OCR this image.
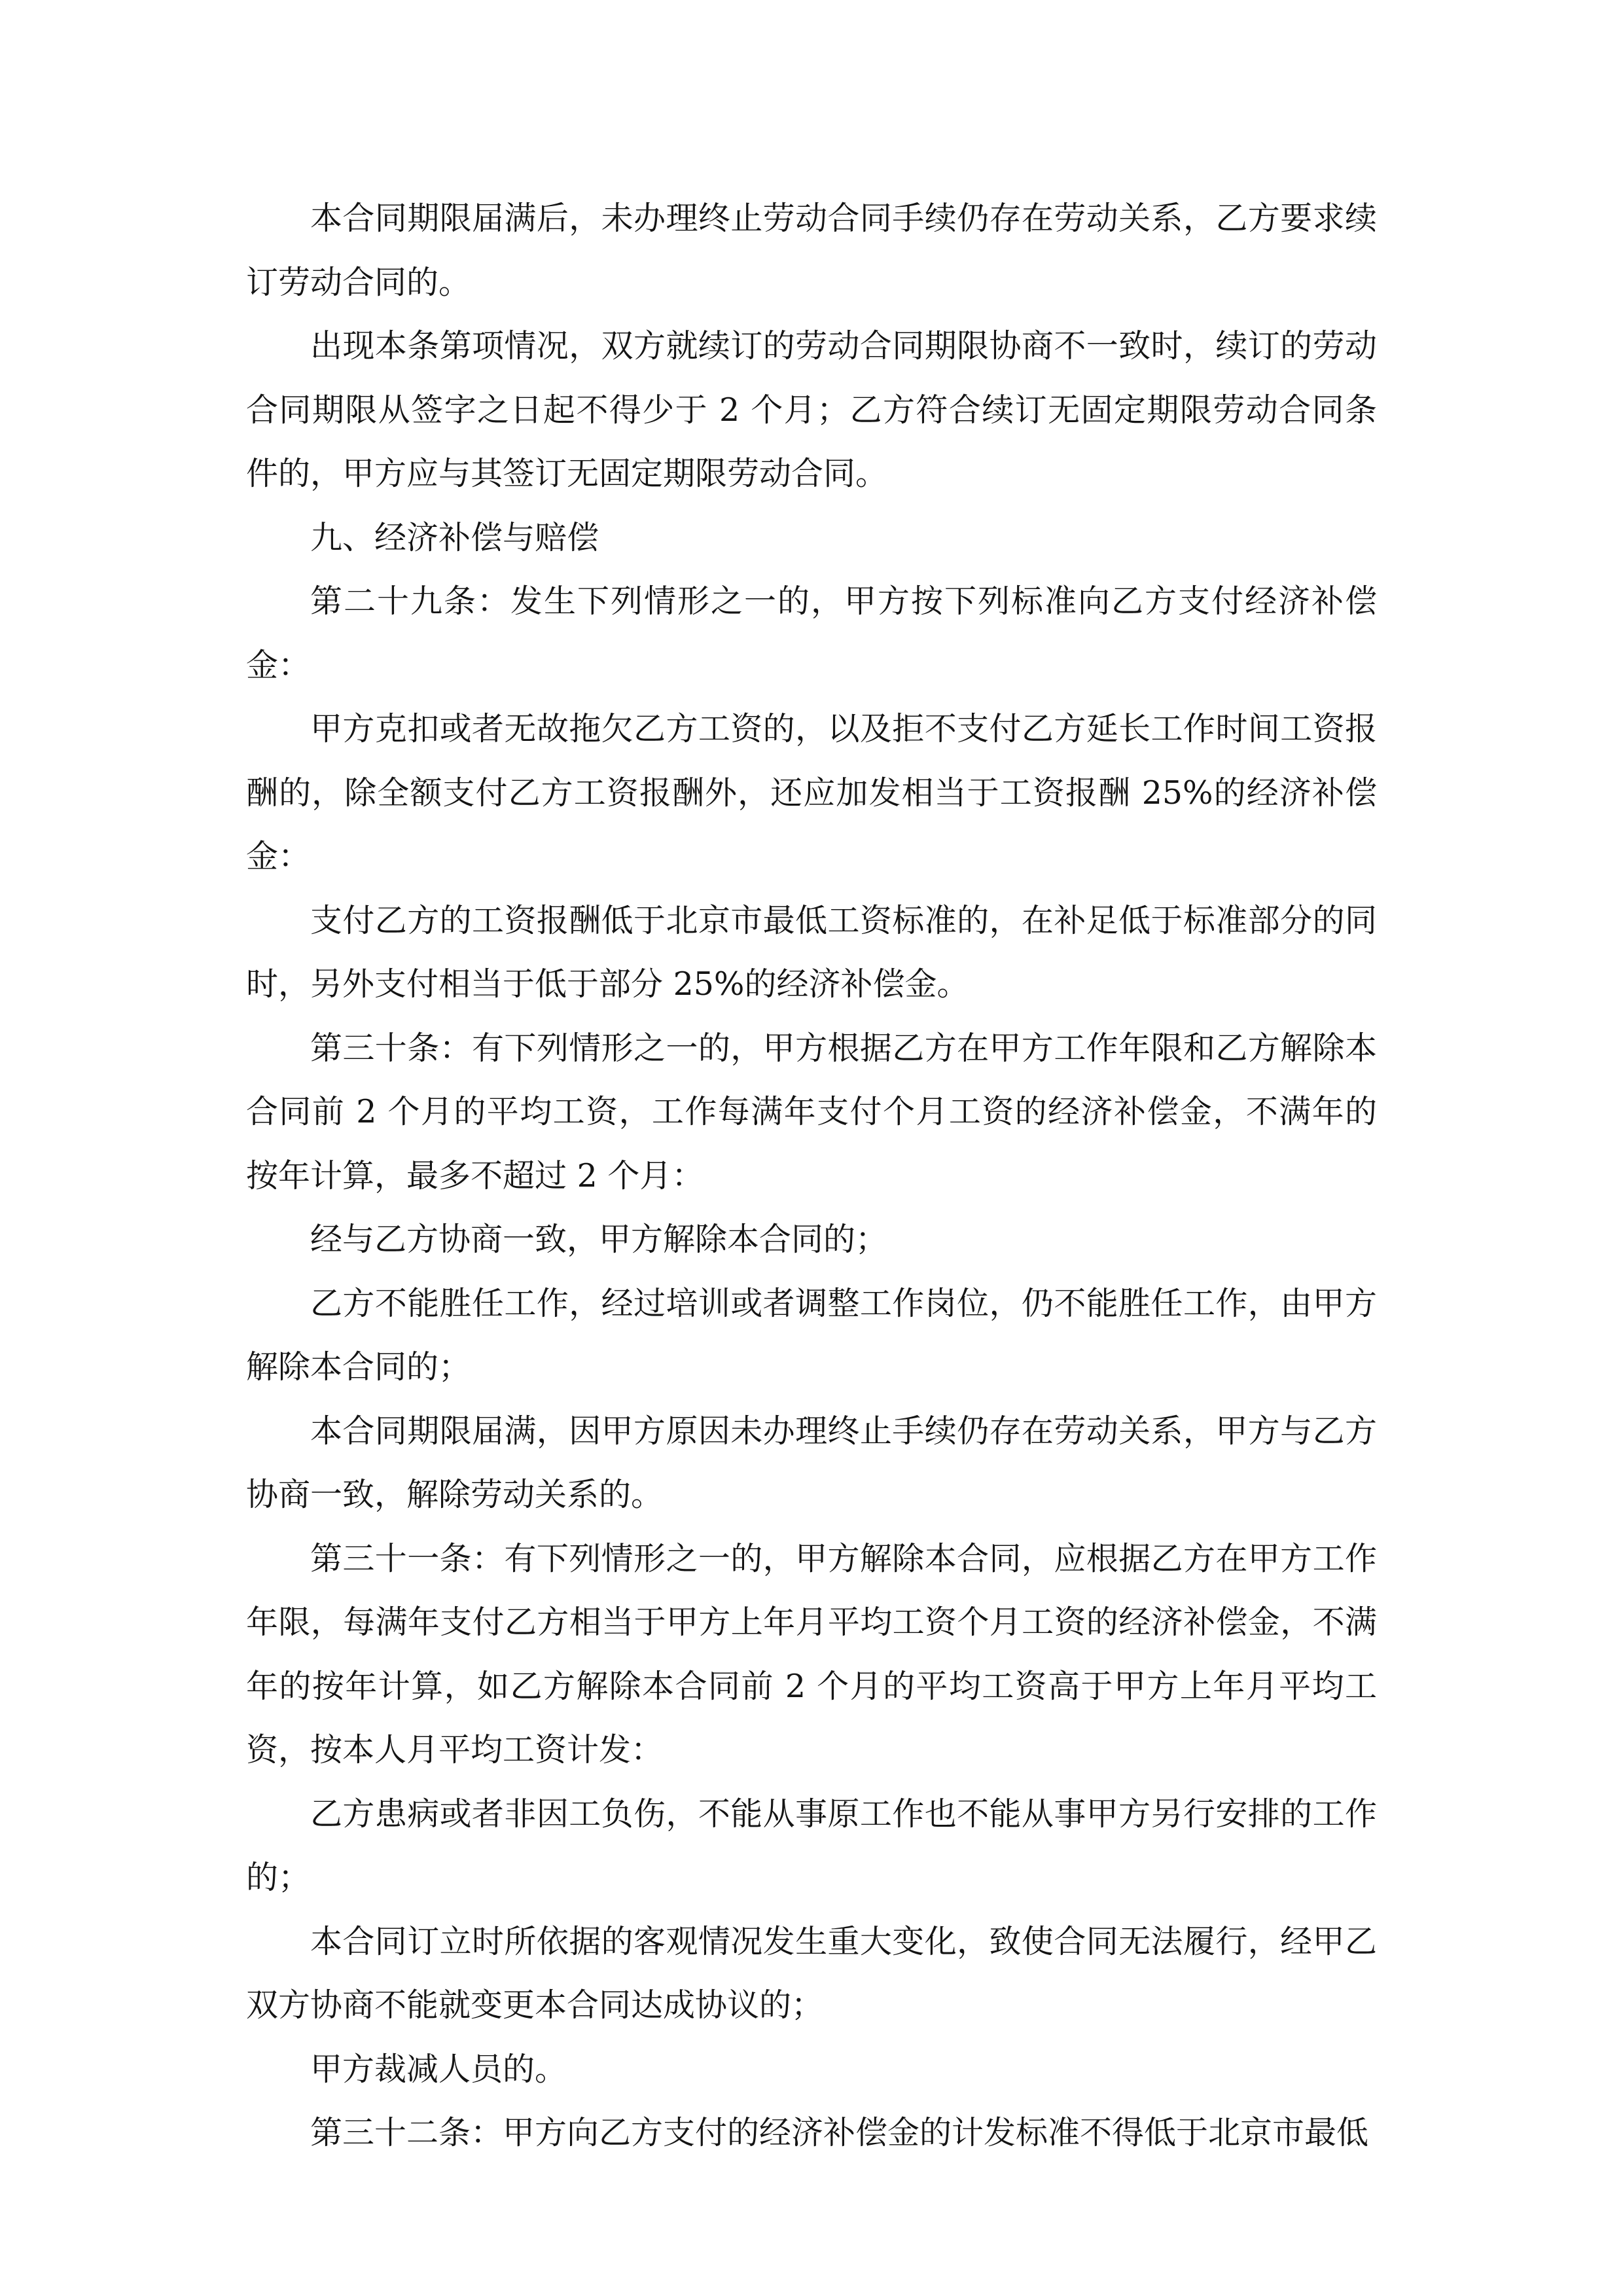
本合同期限届满后，未办理终止劳动合同手续仍存在劳动关系，乙方要求续订劳动合同的。

出现本条第项情况，双方就续订的劳动合同期限协商不一致时，续订的劳动合同期限从签字之日起不得少于 2 个月；乙方符合续订无固定期限劳动合同条件的，甲方应与其签订无固定期限劳动合同。

九、经济补偿与赔偿

第二十九条：发生下列情形之一的，甲方按下列标准向乙方支付经济补偿金：

甲方克扣或者无故拖欠乙方工资的，以及拒不支付乙方延长工作时间工资报酬的，除全额支付乙方工资报酬外，还应加发相当于工资报酬 25%的经济补偿金：

支付乙方的工资报酬低于北京市最低工资标准的，在补足低于标准部分的同时，另外支付相当于低于部分 25%的经济补偿金。

第三十条：有下列情形之一的，甲方根据乙方在甲方工作年限和乙方解除本合同前 2 个月的平均工资，工作每满年支付个月工资的经济补偿金，不满年的按年计算，最多不超过 2 个月：

经与乙方协商一致，甲方解除本合同的；

乙方不能胜任工作，经过培训或者调整工作岗位，仍不能胜任工作，由甲方解除本合同的；

本合同期限届满，因甲方原因未办理终止手续仍存在劳动关系，甲方与乙方协商一致，解除劳动关系的。

第三十一条：有下列情形之一的，甲方解除本合同，应根据乙方在甲方工作年限，每满年支付乙方相当于甲方上年月平均工资个月工资的经济补偿金，不满年的按年计算，如乙方解除本合同前 2 个月的平均工资高于甲方上年月平均工资，按本人月平均工资计发：

乙方患病或者非因工负伤，不能从事原工作也不能从事甲方另行安排的工作的；

本合同订立时所依据的客观情况发生重大变化，致使合同无法履行，经甲乙双方协商不能就变更本合同达成协议的；

甲方裁减人员的。

第三十二条：甲方向乙方支付的经济补偿金的计发标准不得低于北京市最低
